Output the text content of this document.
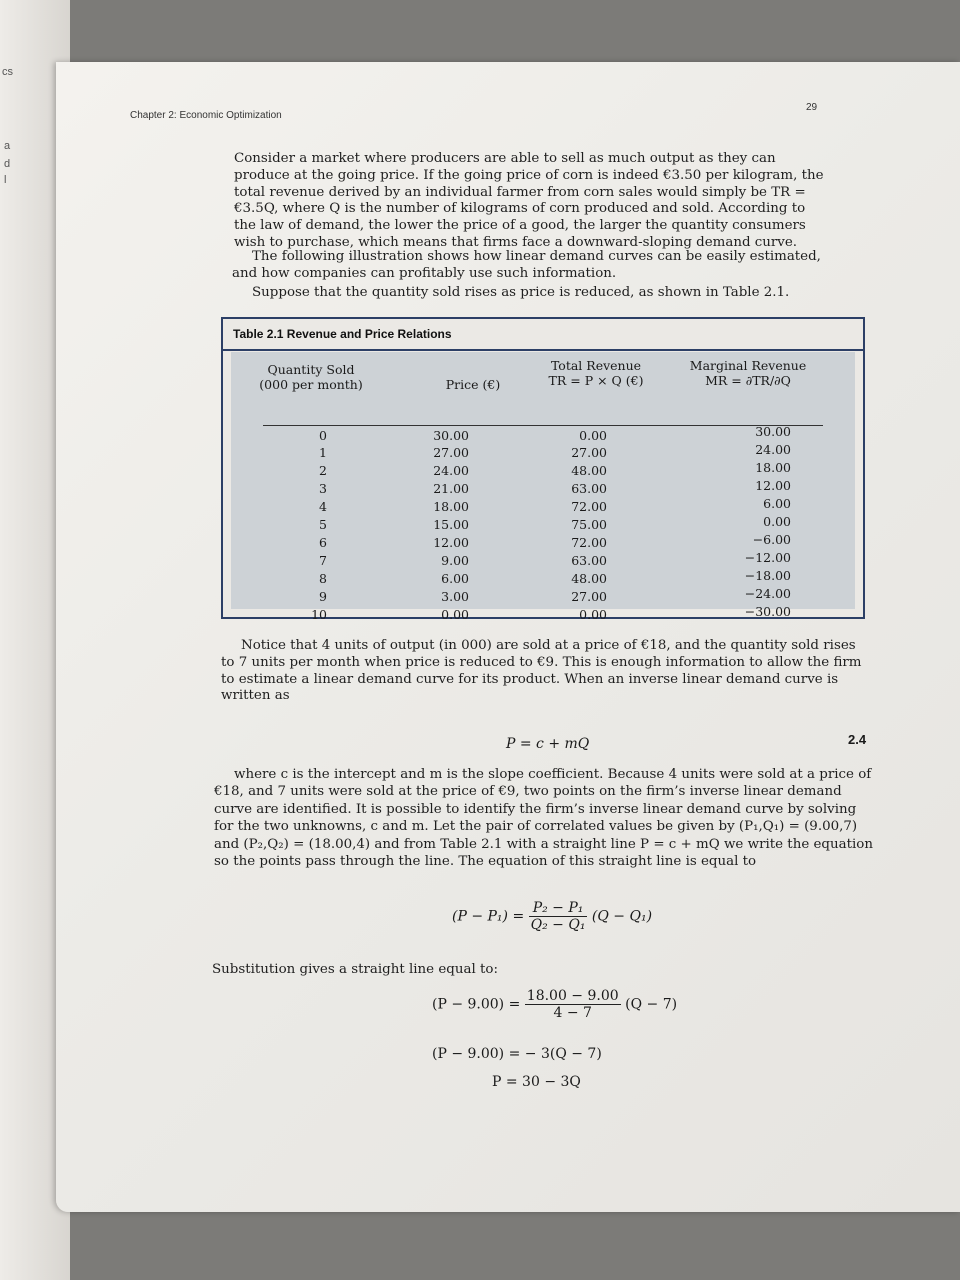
cs
a
d
l
Chapter 2: Economic Optimization
29

Consider a market where producers are able to sell as much output as they can produce at the going price. If the going price of corn is indeed €3.50 per kilogram, the total revenue derived by an individual farmer from corn sales would simply be TR = €3.5Q, where Q is the number of kilograms of corn produced and sold. According to the law of demand, the lower the price of a good, the larger the quantity consumers wish to purchase, which means that firms face a downward-sloping demand curve.

The following illustration shows how linear demand curves can be easily estimated, and how companies can profitably use such information.

Suppose that the quantity sold rises as price is reduced, as shown in Table 2.1.

Table 2.1 Revenue and Price Relations
Quantity Sold
(000 per month)
	Price (€)
Total Revenue
TR = P × Q (€)
Marginal Revenue
MR = ∂TR/∂Q
0
1
2
3
4
5
6
7
8
9
10
30.00
27.00
24.00
21.00
18.00
15.00
12.00
9.00
6.00
3.00
0.00
0.00
27.00
48.00
63.00
72.00
75.00
72.00
63.00
48.00
27.00
0.00
30.00
24.00
18.00
12.00
6.00
0.00
−6.00
−12.00
−18.00
−24.00
−30.00

Notice that 4 units of output (in 000) are sold at a price of €18, and the quantity sold rises to 7 units per month when price is reduced to €9. This is enough information to allow the firm to estimate a linear demand curve for its product. When an inverse linear demand curve is written as

P = c + mQ	2.4

where c is the intercept and m is the slope coefficient. Because 4 units were sold at a price of €18, and 7 units were sold at the price of €9, two points on the firm’s inverse linear demand curve are identified. It is possible to identify the firm’s inverse linear demand curve by solving for the two unknowns, c and m. Let the pair of correlated values be given by (P₁,Q₁) = (9.00,7) and (P₂,Q₂) = (18.00,4) and from Table 2.1 with a straight line P = c + mQ we write the equation so the points pass through the line. The equation of this straight line is equal to

$(P - P_1) = \frac{\text{P₂ − P₁}}{\text{Q₂ − Q₁}} (Q - Q_1)$

Substitution gives a straight line equal to:

$(P - 9.00) = \frac{18.00 - 9.00}{4 - 7} (Q - 7)$
(P − 9.00) = − 3(Q − 7)
P = 30 − 3Q
